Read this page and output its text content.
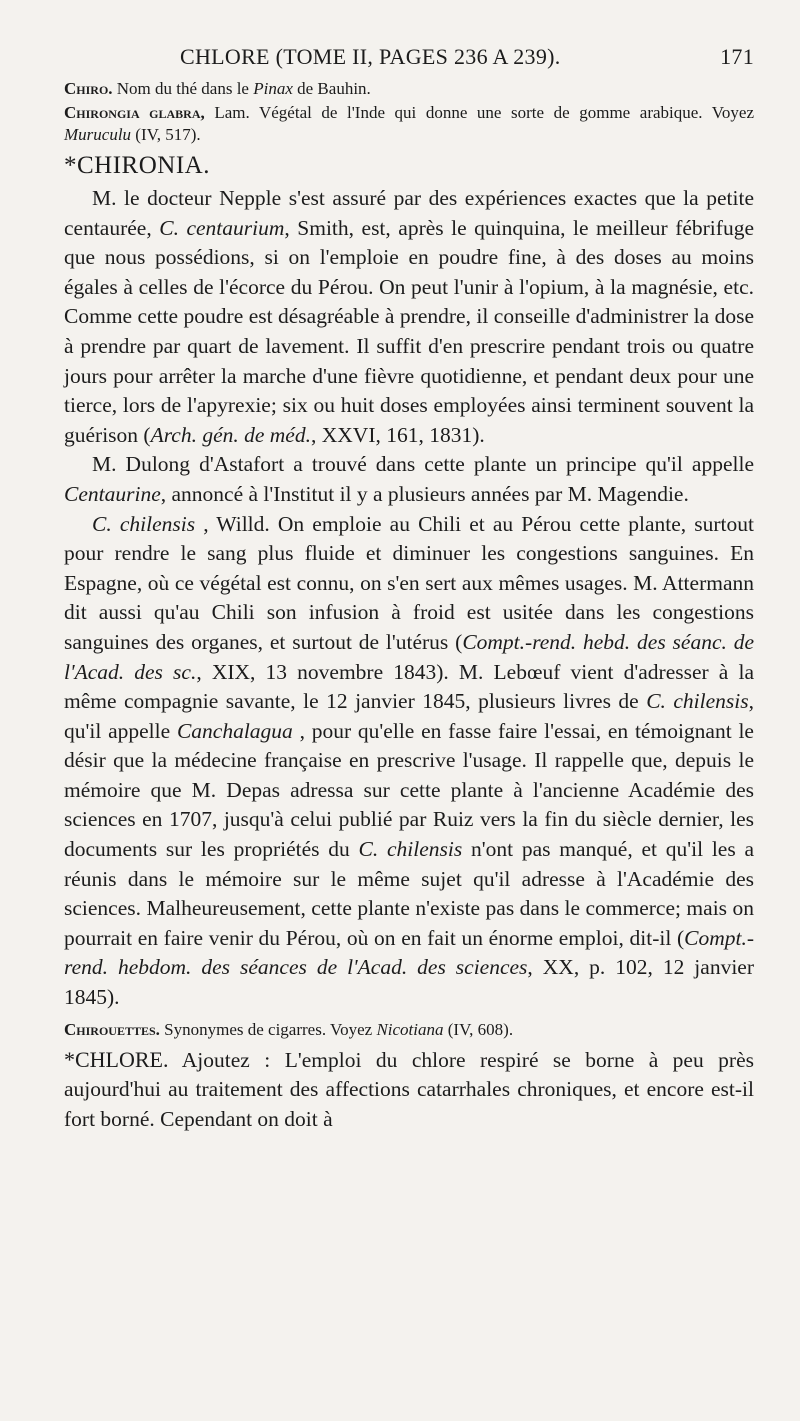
CHLORE (TOME II, PAGES 236 A 239).	171

Chiro. Nom du thé dans le Pinax de Bauhin.

Chirongia glabra, Lam. Végétal de l'Inde qui donne une sorte de gomme arabique. Voyez Muruculu (IV, 517).

*CHIRONIA.

M. le docteur Nepple s'est assuré par des expériences exactes que la petite centaurée, C. centaurium, Smith, est, après le quinquina, le meilleur fébrifuge que nous possédions, si on l'emploie en poudre fine, à des doses au moins égales à celles de l'écorce du Pérou. On peut l'unir à l'opium, à la magnésie, etc. Comme cette poudre est désagréable à prendre, il conseille d'administrer la dose à prendre par quart de lavement. Il suffit d'en prescrire pendant trois ou quatre jours pour arrêter la marche d'une fièvre quotidienne, et pendant deux pour une tierce, lors de l'apyrexie; six ou huit doses employées ainsi terminent souvent la guérison (Arch. gén. de méd., XXVI, 161, 1831).

M. Dulong d'Astafort a trouvé dans cette plante un principe qu'il appelle Centaurine, annoncé à l'Institut il y a plusieurs années par M. Magendie.

C. chilensis , Willd. On emploie au Chili et au Pérou cette plante, surtout pour rendre le sang plus fluide et diminuer les congestions sanguines. En Espagne, où ce végétal est connu, on s'en sert aux mêmes usages. M. Attermann dit aussi qu'au Chili son infusion à froid est usitée dans les congestions sanguines des organes, et surtout de l'utérus (Compt.-rend. hebd. des séanc. de l'Acad. des sc., XIX, 13 novembre 1843). M. Lebœuf vient d'adresser à la même compagnie savante, le 12 janvier 1845, plusieurs livres de C. chilensis, qu'il appelle Canchalagua , pour qu'elle en fasse faire l'essai, en témoignant le désir que la médecine française en prescrive l'usage. Il rappelle que, depuis le mémoire que M. Depas adressa sur cette plante à l'ancienne Académie des sciences en 1707, jusqu'à celui publié par Ruiz vers la fin du siècle dernier, les documents sur les propriétés du C. chilensis n'ont pas manqué, et qu'il les a réunis dans le mémoire sur le même sujet qu'il adresse à l'Académie des sciences. Malheureusement, cette plante n'existe pas dans le commerce; mais on pourrait en faire venir du Pérou, où on en fait un énorme emploi, dit-il (Compt.-rend. hebdom. des séances de l'Acad. des sciences, XX, p. 102, 12 janvier 1845).

Chirouettes. Synonymes de cigarres. Voyez Nicotiana (IV, 608).

*CHLORE. Ajoutez : L'emploi du chlore respiré se borne à peu près aujourd'hui au traitement des affections catarrhales chroniques, et encore est-il fort borné. Cependant on doit à
